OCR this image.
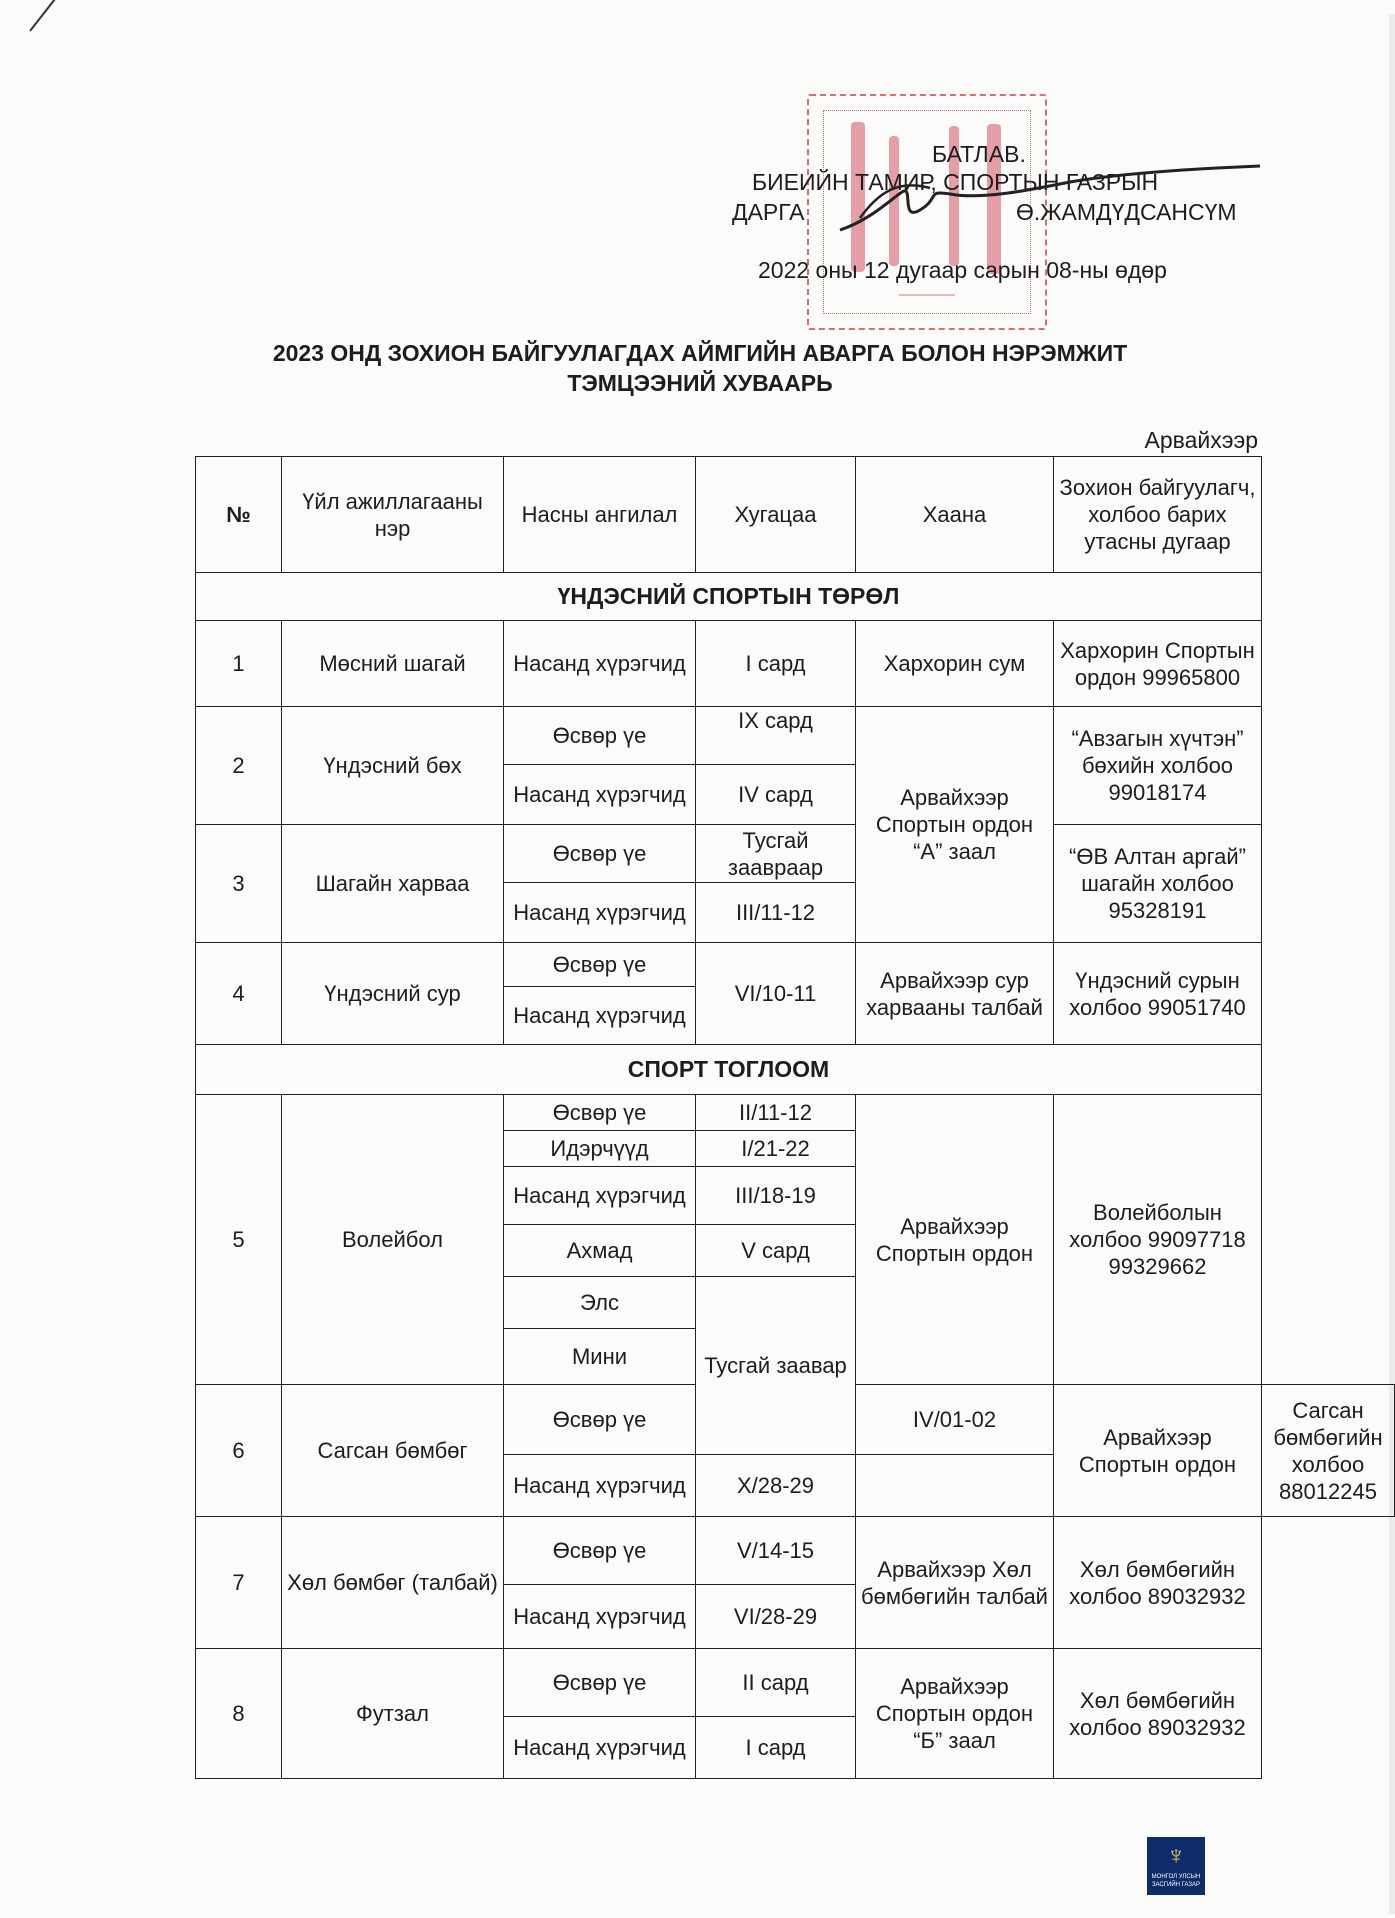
БАТЛАВ.
БИЕИЙН ТАМИР, СПОРТЫН ГАЗРЫН
ДАРГА	Ө.ЖАМДҮДСАНСҮМ
2022 оны 12 дугаар сарын 08-ны өдөр
2023 ОНД ЗОХИОН БАЙГУУЛАГДАХ АЙМГИЙН АВАРГА БОЛОН НЭРЭМЖИТ
ТЭМЦЭЭНИЙ ХУВААРЬ
Арвайхээр
№	Үйл ажиллагааны нэр	Насны ангилал	Хугацаа	Хаана	Зохион байгуулагч, холбоо барих утасны дугаар	
ҮНДЭСНИЙ СПОРТЫН ТӨРӨЛ						
1	Мөсний шагай	Насанд хүрэгчид	I сард	Хархорин сум	Хархорин Спортын ордон 99965800	
2	Үндэсний бөх	Өсвөр үе	IX сард	Арвайхээр Спортын ордон “А” заал	“Авзагын хүчтэн” бөхийн холбоо 99018174	
		Насанд хүрэгчид	IV сард			
3	Шагайн харваа	Өсвөр үе	Тусгай заавраар		“ӨВ Алтан аргай” шагайн холбоо 95328191	
		Насанд хүрэгчид	III/11-12			
4	Үндэсний сур	Өсвөр үе	VI/10-11	Арвайхээр сур харвааны талбай	Үндэсний сурын холбоо 99051740	
		Насанд хүрэгчид				
СПОРТ ТОГЛООМ						
5	Волейбол	Өсвөр үе	II/11-12	Арвайхээр Спортын ордон	Волейболын холбоо 99097718 99329662	
		Идэрчүүд	I/21-22			
		Насанд хүрэгчид	III/18-19			
		Ахмад	V сард			
		Элс	Тусгай заавар			

		Мини				
6	Сагсан бөмбөг	Өсвөр үе		IV/01-02	Арвайхээр Спортын ордон	Сагсан бөмбөгийн холбоо 88012245
		Насанд хүрэгчид	X/28-29			
7	Хөл бөмбөг (талбай)	Өсвөр үе	V/14-15	Арвайхээр Хөл бөмбөгийн талбай	Хөл бөмбөгийн холбоо 89032932	
		Насанд хүрэгчид	VI/28-29			
8	Футзал	Өсвөр үе	II сард	Арвайхээр Спортын ордон “Б” заал	Хөл бөмбөгийн холбоо 89032932	
		Насанд хүрэгчид	I сард			
♆
МОНГОЛ УЛСЫН
ЗАСГИЙН ГАЗАР
